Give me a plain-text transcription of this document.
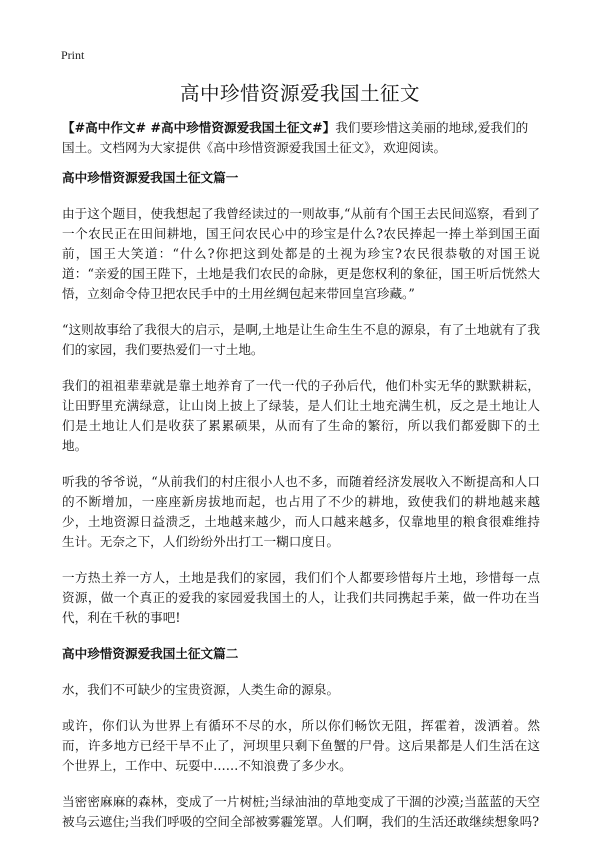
Print
高中珍惜资源爱我国土征文

【#高中作文# #高中珍惜资源爱我国土征文#】我们要珍惜这美丽的地球,爱我们的国土。文档网为大家提供《高中珍惜资源爱我国土征文》，欢迎阅读。

高中珍惜资源爱我国土征文篇一

由于这个题目，使我想起了我曾经读过的一则故事,“从前有个国王去民间巡察，看到了一个农民正在田间耕地，国王问农民心中的珍宝是什么?农民捧起一捧土举到国王面前，国王大笑道：“什么?你把这到处都是的土视为珍宝?农民很恭敬的对国王说道：“亲爱的国王陛下，土地是我们农民的命脉，更是您权利的象征，国王听后恍然大悟，立刻命令侍卫把农民手中的土用丝绸包起来带回皇宫珍藏。”

“这则故事给了我很大的启示，是啊,土地是让生命生生不息的源泉，有了土地就有了我们的家园，我们要热爱们一寸土地。

我们的祖祖辈辈就是靠土地养育了一代一代的子孙后代，他们朴实无华的默默耕耘，让田野里充满绿意，让山岗上披上了绿装，是人们让土地充满生机，反之是土地让人们是土地让人们是收获了累累硕果，从而有了生命的繁衍，所以我们都爱脚下的土地。

听我的爷爷说，“从前我们的村庄很小人也不多，而随着经济发展收入不断提高和人口的不断增加，一座座新房拔地而起，也占用了不少的耕地，致使我们的耕地越来越少，土地资源日益溃乏，土地越来越少，而人口越来越多，仅靠地里的粮食很难维持生计。无奈之下，人们纷纷外出打工一糊口度日。

一方热土养一方人，土地是我们的家园，我们们个人都要珍惜每片土地，珍惜每一点资源，做一个真正的爱我的家园爱我国土的人，让我们共同携起手莱，做一件功在当代，利在千秋的事吧!

高中珍惜资源爱我国土征文篇二

水，我们不可缺少的宝贵资源，人类生命的源泉。

或许，你们认为世界上有循环不尽的水，所以你们畅饮无阻，挥霍着，泼洒着。然而，许多地方已经干旱不止了，河坝里只剩下鱼蟹的尸骨。这后果都是人们生活在这个世界上，工作中、玩耍中……不知浪费了多少水。

当密密麻麻的森林，变成了一片树桩;当绿油油的草地变成了干涸的沙漠;当蓝蓝的天空被乌云遮住;当我们呼吸的空间全部被雾霾笼罩。人们啊，我们的生活还敢继续想象吗?
